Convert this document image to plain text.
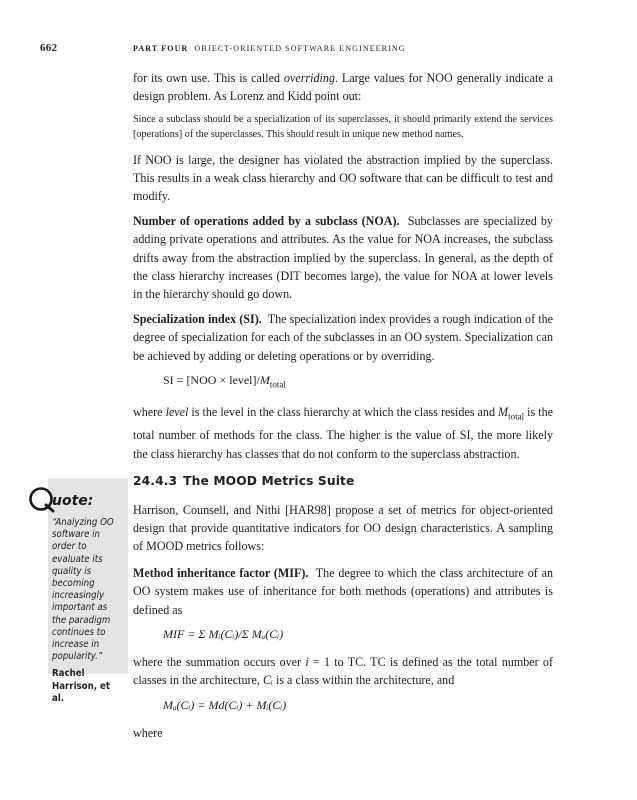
662	PART FOUR OBJECT-ORIENTED SOFTWARE ENGINEERING
uote:
“Analyzing OO software in order to evaluate its quality is becoming increasingly important as the paradigm continues to increase in popularity.”
Rachel Harrison, et al.

for its own use. This is called overriding. Large values for NOO generally indicate a design problem. As Lorenz and Kidd point out:

Since a subclass should be a specialization of its superclasses, it should primarily extend the services [operations] of the superclasses. This should result in unique new method names.

If NOO is large, the designer has violated the abstraction implied by the superclass. This results in a weak class hierarchy and OO software that can be difficult to test and modify.

Number of operations added by a subclass (NOA). Subclasses are specialized by adding private operations and attributes. As the value for NOA increases, the subclass drifts away from the abstraction implied by the superclass. In general, as the depth of the class hierarchy increases (DIT becomes large), the value for NOA at lower levels in the hierarchy should go down.

Specialization index (SI). The specialization index provides a rough indication of the degree of specialization for each of the subclasses in an OO system. Specialization can be achieved by adding or deleting operations or by overriding.

SI = $[NOO \times level]/M_{total}$

where level is the level in the class hierarchy at which the class resides and $M_{total}$ is the total number of methods for the class. The higher is the value of SI, the more likely the class hierarchy has classes that do not conform to the superclass abstraction.

24.4.3 The MOOD Metrics Suite

Harrison, Counsell, and Nithi [HAR98] propose a set of metrics for object-oriented design that provide quantitative indicators for OO design characteristics. A sampling of MOOD metrics follows:

Method inheritance factor (MIF). The degree to which the class architecture of an OO system makes use of inheritance for both methods (operations) and attributes is defined as

MIF = Σ Mᵢ(Cᵢ)/Σ Mₐ(Cᵢ)

where the summation occurs over i = 1 to TC. TC is defined as the total number of classes in the architecture, Cᵢ is a class within the architecture, and

Mₐ(Cᵢ) = Md(Cᵢ) + Mᵢ(Cᵢ)

where
